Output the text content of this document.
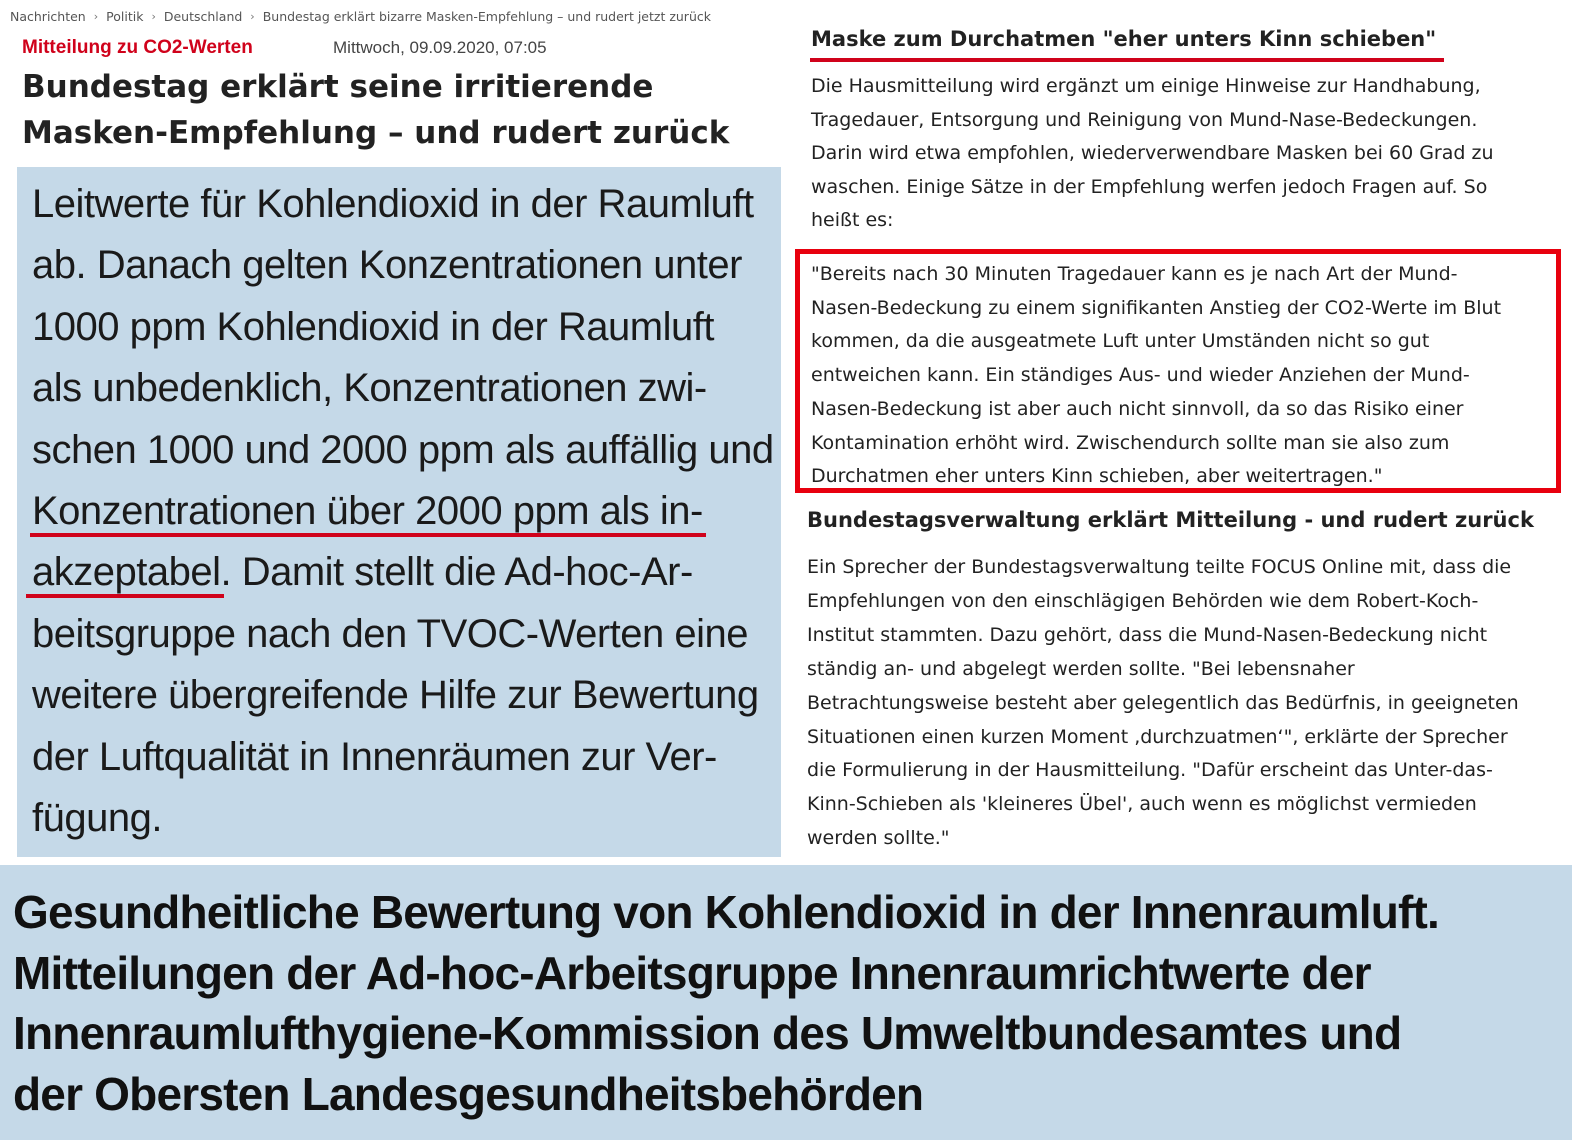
Nachrichten › Politik › Deutschland › Bundestag erklärt bizarre Masken-Empfehlung – und rudert jetzt zurück
Mitteilung zu CO2-Werten	Mittwoch, 09.09.2020, 07:05
Bundestag erklärt seine irritierende
Masken-Empfehlung – und rudert zurück

Leitwerte für Kohlendioxid in der Raumluft
ab. Danach gelten Konzentrationen unter
1000 ppm Kohlendioxid in der Raumluft
als unbedenklich, Konzentrationen zwi-
schen 1000 und 2000 ppm als auffällig und
Konzentrationen über 2000 ppm als in-
akzeptabel. Damit stellt die Ad-hoc-Ar-
beitsgruppe nach den TVOC-Werten eine
weitere übergreifende Hilfe zur Bewertung
der Luftqualität in Innenräumen zur Ver-
fügung.

Maske zum Durchatmen "eher unters Kinn schieben"

Die Hausmitteilung wird ergänzt um einige Hinweise zur Handhabung,
Tragedauer, Entsorgung und Reinigung von Mund-Nase-Bedeckungen.
Darin wird etwa empfohlen, wiederverwendbare Masken bei 60 Grad zu
waschen. Einige Sätze in der Empfehlung werfen jedoch Fragen auf. So
heißt es:

"Bereits nach 30 Minuten Tragedauer kann es je nach Art der Mund-
Nasen-Bedeckung zu einem signifikanten Anstieg der CO2-Werte im Blut
kommen, da die ausgeatmete Luft unter Umständen nicht so gut
entweichen kann. Ein ständiges Aus- und wieder Anziehen der Mund-
Nasen-Bedeckung ist aber auch nicht sinnvoll, da so das Risiko einer
Kontamination erhöht wird. Zwischendurch sollte man sie also zum
Durchatmen eher unters Kinn schieben, aber weitertragen."

Bundestagsverwaltung erklärt Mitteilung - und rudert zurück

Ein Sprecher der Bundestagsverwaltung teilte FOCUS Online mit, dass die
Empfehlungen von den einschlägigen Behörden wie dem Robert-Koch-
Institut stammten. Dazu gehört, dass die Mund-Nasen-Bedeckung nicht
ständig an- und abgelegt werden sollte. "Bei lebensnaher
Betrachtungsweise besteht aber gelegentlich das Bedürfnis, in geeigneten
Situationen einen kurzen Moment ‚durchzuatmen‘", erklärte der Sprecher
die Formulierung in der Hausmitteilung. "Dafür erscheint das Unter-das-
Kinn-Schieben als 'kleineres Übel', auch wenn es möglichst vermieden
werden sollte."

Gesundheitliche Bewertung von Kohlendioxid in der Innenraumluft.
Mitteilungen der Ad-hoc-Arbeitsgruppe Innenraumrichtwerte der
Innenraumlufthygiene-Kommission des Umweltbundesamtes und
der Obersten Landesgesundheitsbehörden
